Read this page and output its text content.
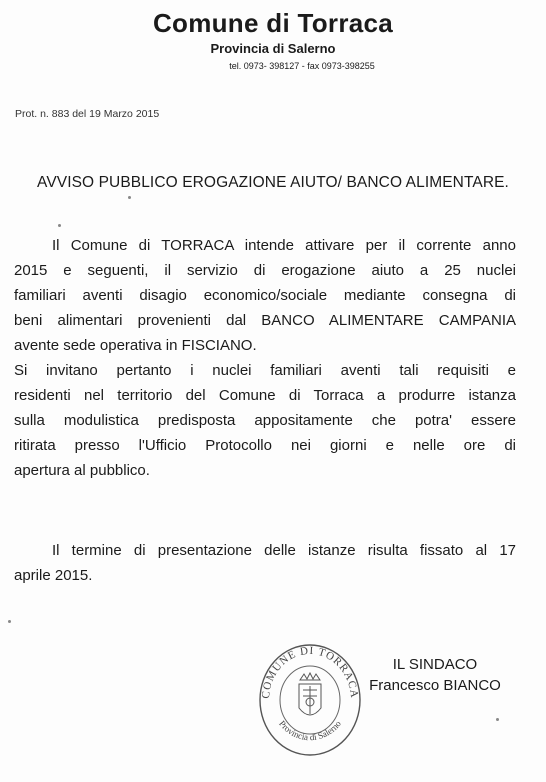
Comune di Torraca
Provincia di Salerno
tel. 0973- 398127 - fax 0973-398255
Prot. n. 883 del 19 Marzo 2015
AVVISO PUBBLICO EROGAZIONE AIUTO/ BANCO ALIMENTARE.
Il Comune di TORRACA intende attivare per il corrente anno
2015 e seguenti, il servizio di erogazione aiuto a 25 nuclei
familiari aventi disagio economico/sociale mediante consegna di
beni alimentari provenienti dal BANCO ALIMENTARE CAMPANIA
avente sede operativa in FISCIANO.
Si invitano pertanto i nuclei familiari aventi tali requisiti e
residenti nel territorio del Comune di Torraca a produrre istanza
sulla modulistica predisposta appositamente che potra' essere
ritirata presso l'Ufficio Protocollo nei giorni e nelle ore di
apertura al pubblico.
Il termine di presentazione delle istanze risulta fissato al 17
aprile 2015.
COMUNE DI TORRACA
Provincia di Salerno
IL SINDACO
Francesco BIANCO
